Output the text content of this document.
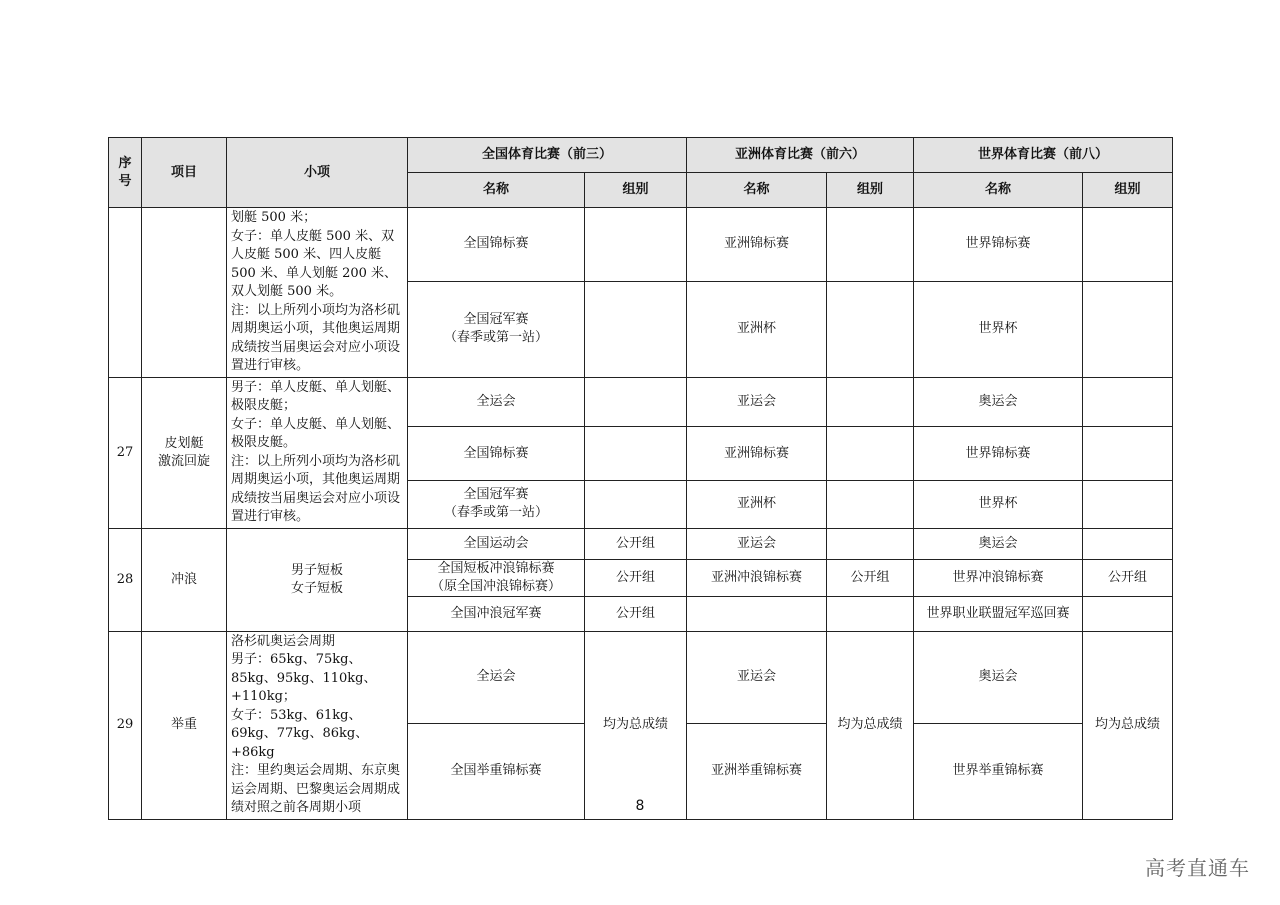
序
号	项目	小项	全国体育比赛（前三）		亚洲体育比赛（前六）		世界体育比赛（前八）	
			名称	组别	名称	组别	名称	组别
		划艇 500 米；
女子：单人皮艇 500 米、双人皮艇 500 米、四人皮艇 500 米、单人划艇 200 米、双人划艇 500 米。
注：以上所列小项均为洛杉矶周期奥运小项，其他奥运周期成绩按当届奥运会对应小项设置进行审核。	全国锦标赛		亚洲锦标赛		世界锦标赛	
			全国冠军赛
（春季或第一站）		亚洲杯		世界杯	
27	皮划艇
激流回旋	男子：单人皮艇、单人划艇、极限皮艇；
女子：单人皮艇、单人划艇、极限皮艇。
注：以上所列小项均为洛杉矶周期奥运小项，其他奥运周期成绩按当届奥运会对应小项设置进行审核。	全运会		亚运会		奥运会	
			全国锦标赛		亚洲锦标赛		世界锦标赛	
			全国冠军赛
（春季或第一站）		亚洲杯		世界杯	
28	冲浪	男子短板
女子短板	全国运动会	公开组	亚运会		奥运会	
			全国短板冲浪锦标赛
（原全国冲浪锦标赛）	公开组	亚洲冲浪锦标赛	公开组	世界冲浪锦标赛	公开组
			全国冲浪冠军赛	公开组			世界职业联盟冠军巡回赛	
29	举重	洛杉矶奥运会周期
男子：65kg、75kg、85kg、95kg、110kg、+110kg；
女子：53kg、61kg、69kg、77kg、86kg、+86kg
注：里约奥运会周期、东京奥运会周期、巴黎奥运会周期成绩对照之前各周期小项	全运会	均为总成绩	亚运会	均为总成绩	奥运会	均为总成绩
			全国举重锦标赛		亚洲举重锦标赛		世界举重锦标赛	
8
高考直通车
